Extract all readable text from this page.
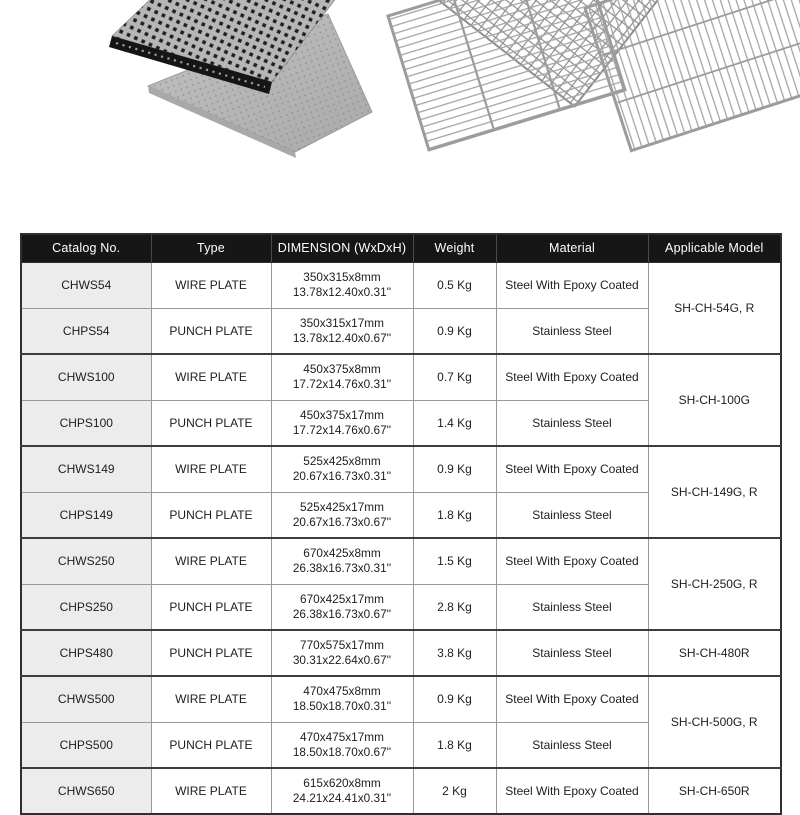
Catalog No.	Type	DIMENSION (WxDxH)	Weight	Material	Applicable Model
CHWS54	WIRE PLATE	350x315x8mm
13.78x12.40x0.31''	0.5 Kg	Steel With Epoxy Coated	SH-CH-54G, R
CHPS54	PUNCH PLATE	350x315x17mm
13.78x12.40x0.67''	0.9 Kg	Stainless Steel	
CHWS100	WIRE PLATE	450x375x8mm
17.72x14.76x0.31''	0.7 Kg	Steel With Epoxy Coated	SH-CH-100G
CHPS100	PUNCH PLATE	450x375x17mm
17.72x14.76x0.67''	1.4 Kg	Stainless Steel	
CHWS149	WIRE PLATE	525x425x8mm
20.67x16.73x0.31''	0.9 Kg	Steel With Epoxy Coated	SH-CH-149G, R
CHPS149	PUNCH PLATE	525x425x17mm
20.67x16.73x0.67''	1.8 Kg	Stainless Steel	
CHWS250	WIRE PLATE	670x425x8mm
26.38x16.73x0.31''	1.5 Kg	Steel With Epoxy Coated	SH-CH-250G, R
CHPS250	PUNCH PLATE	670x425x17mm
26.38x16.73x0.67''	2.8 Kg	Stainless Steel	
CHPS480	PUNCH PLATE	770x575x17mm
30.31x22.64x0.67''	3.8 Kg	Stainless Steel	SH-CH-480R
CHWS500	WIRE PLATE	470x475x8mm
18.50x18.70x0.31''	0.9 Kg	Steel With Epoxy Coated	SH-CH-500G, R
CHPS500	PUNCH PLATE	470x475x17mm
18.50x18.70x0.67''	1.8 Kg	Stainless Steel	
CHWS650	WIRE PLATE	615x620x8mm
24.21x24.41x0.31''	2 Kg	Steel With Epoxy Coated	SH-CH-650R
